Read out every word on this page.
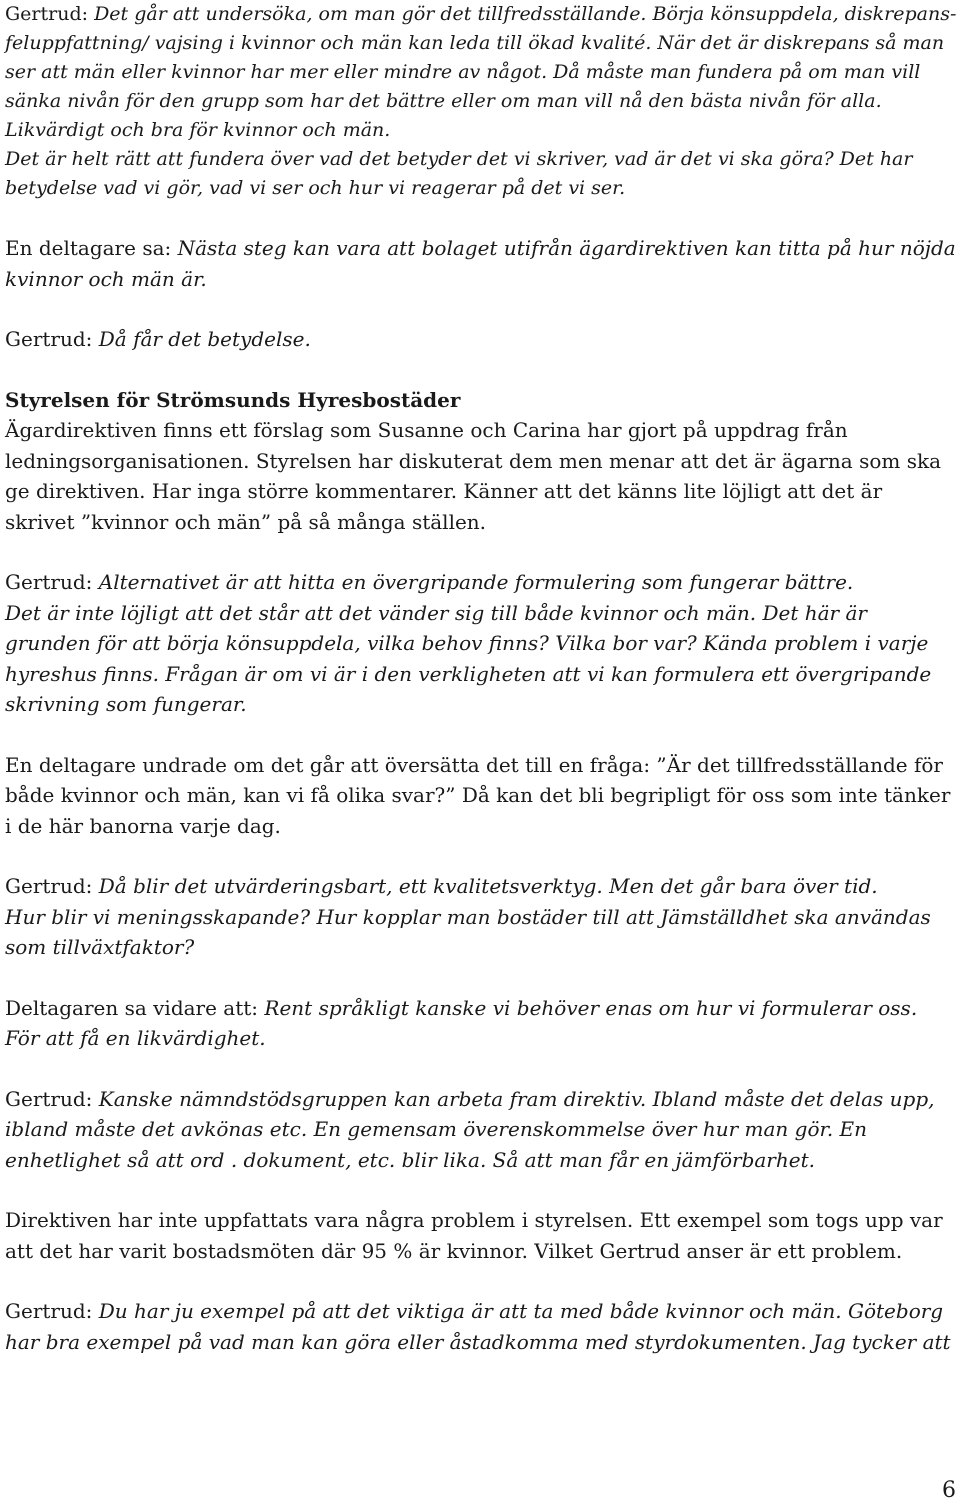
Gertrud: Det går att undersöka, om man gör det tillfredsställande. Börja könsuppdela, diskrepans- feluppfattning/ vajsing i kvinnor och män kan leda till ökad kvalité. När det är diskrepans så man ser att män eller kvinnor har mer eller mindre av något. Då måste man fundera på om man vill sänka nivån för den grupp som har det bättre eller om man vill nå den bästa nivån för alla. Likvärdigt och bra för kvinnor och män.
Det är helt rätt att fundera över vad det betyder det vi skriver, vad är det vi ska göra? Det har betydelse vad vi gör, vad vi ser och hur vi reagerar på det vi ser.

En deltagare sa: Nästa steg kan vara att bolaget utifrån ägardirektiven kan titta på hur nöjda kvinnor och män är.

Gertrud: Då får det betydelse.

Styrelsen för Strömsunds Hyresbostäder
Ägardirektiven finns ett förslag som Susanne och Carina har gjort på uppdrag från ledningsorganisationen. Styrelsen har diskuterat dem men menar att det är ägarna som ska ge direktiven. Har inga större kommentarer. Känner att det känns lite löjligt att det är skrivet ”kvinnor och män” på så många ställen.

Gertrud: Alternativet är att hitta en övergripande formulering som fungerar bättre.
Det är inte löjligt att det står att det vänder sig till både kvinnor och män. Det här är grunden för att börja könsuppdela, vilka behov finns? Vilka bor var? Kända problem i varje hyreshus finns. Frågan är om vi är i den verkligheten att vi kan formulera ett övergripande skrivning som fungerar.

En deltagare undrade om det går att översätta det till en fråga: ”Är det tillfredsställande för både kvinnor och män, kan vi få olika svar?” Då kan det bli begripligt för oss som inte tänker i de här banorna varje dag.

Gertrud: Då blir det utvärderingsbart, ett kvalitetsverktyg. Men det går bara över tid.
Hur blir vi meningsskapande? Hur kopplar man bostäder till att Jämställdhet ska användas som tillväxtfaktor?

Deltagaren sa vidare att: Rent språkligt kanske vi behöver enas om hur vi formulerar oss. För att få en likvärdighet.

Gertrud: Kanske nämndstödsgruppen kan arbeta fram direktiv. Ibland måste det delas upp, ibland måste det avkönas etc. En gemensam överenskommelse över hur man gör. En enhetlighet så att ord . dokument, etc. blir lika. Så att man får en jämförbarhet.

Direktiven har inte uppfattats vara några problem i styrelsen. Ett exempel som togs upp var att det har varit bostadsmöten där 95 % är kvinnor. Vilket Gertrud anser är ett problem.

Gertrud: Du har ju exempel på att det viktiga är att ta med både kvinnor och män. Göteborg har bra exempel på vad man kan göra eller åstadkomma med styrdokumenten. Jag tycker att

6
